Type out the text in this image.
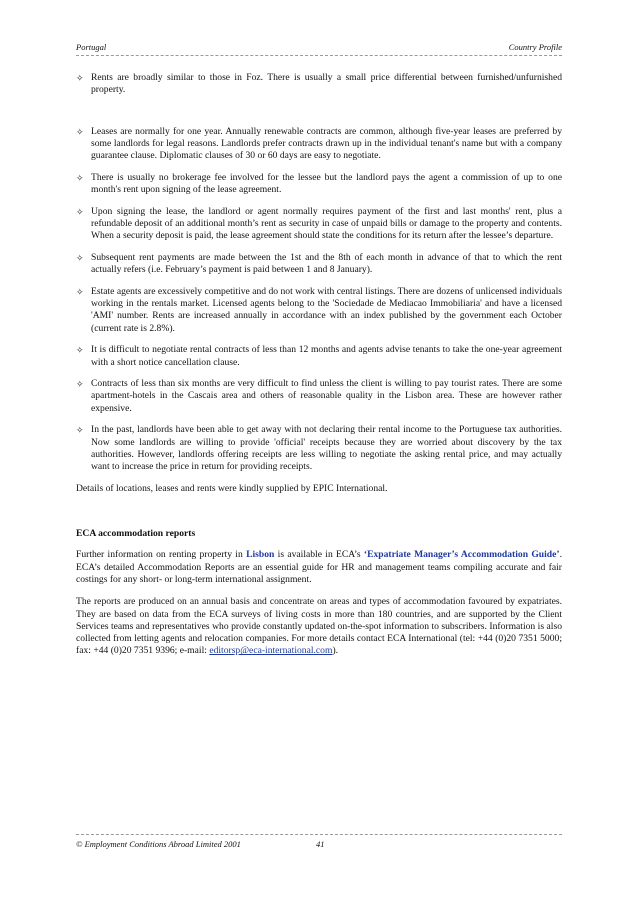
Portugal	Country Profile
✧ Rents are broadly similar to those in Foz. There is usually a small price differential between furnished/unfurnished property.
✧ Leases are normally for one year. Annually renewable contracts are common, although five-year leases are preferred by some landlords for legal reasons. Landlords prefer contracts drawn up in the individual tenant's name but with a company guarantee clause. Diplomatic clauses of 30 or 60 days are easy to negotiate.
✧ There is usually no brokerage fee involved for the lessee but the landlord pays the agent a commission of up to one month's rent upon signing of the lease agreement.
✧ Upon signing the lease, the landlord or agent normally requires payment of the first and last months' rent, plus a refundable deposit of an additional month’s rent as security in case of unpaid bills or damage to the property and contents. When a security deposit is paid, the lease agreement should state the conditions for its return after the lessee’s departure.
✧ Subsequent rent payments are made between the 1st and the 8th of each month in advance of that to which the rent actually refers (i.e. February’s payment is paid between 1 and 8 January).
✧ Estate agents are excessively competitive and do not work with central listings. There are dozens of unlicensed individuals working in the rentals market. Licensed agents belong to the 'Sociedade de Mediacao Immobiliaria' and have a licensed 'AMI' number. Rents are increased annually in accordance with an index published by the government each October (current rate is 2.8%).
✧ It is difficult to negotiate rental contracts of less than 12 months and agents advise tenants to take the one-year agreement with a short notice cancellation clause.
✧ Contracts of less than six months are very difficult to find unless the client is willing to pay tourist rates. There are some apartment-hotels in the Cascais area and others of reasonable quality in the Lisbon area. These are however rather expensive.
✧ In the past, landlords have been able to get away with not declaring their rental income to the Portuguese tax authorities. Now some landlords are willing to provide 'official' receipts because they are worried about discovery by the tax authorities. However, landlords offering receipts are less willing to negotiate the asking rental price, and may actually want to increase the price in return for providing receipts.

Details of locations, leases and rents were kindly supplied by EPIC International.

ECA accommodation reports

Further information on renting property in Lisbon is available in ECA’s ‘Expatriate Manager’s Accommodation Guide’. ECA’s detailed Accommodation Reports are an essential guide for HR and management teams compiling accurate and fair costings for any short- or long-term international assignment.

The reports are produced on an annual basis and concentrate on areas and types of accommodation favoured by expatriates. They are based on data from the ECA surveys of living costs in more than 180 countries, and are supported by the Client Services teams and representatives who provide constantly updated on-the-spot information to subscribers. Information is also collected from letting agents and relocation companies. For more details contact ECA International (tel: +44 (0)20 7351 5000; fax: +44 (0)20 7351 9396; e-mail: editorsp@eca-international.com).

© Employment Conditions Abroad Limited 2001	41
